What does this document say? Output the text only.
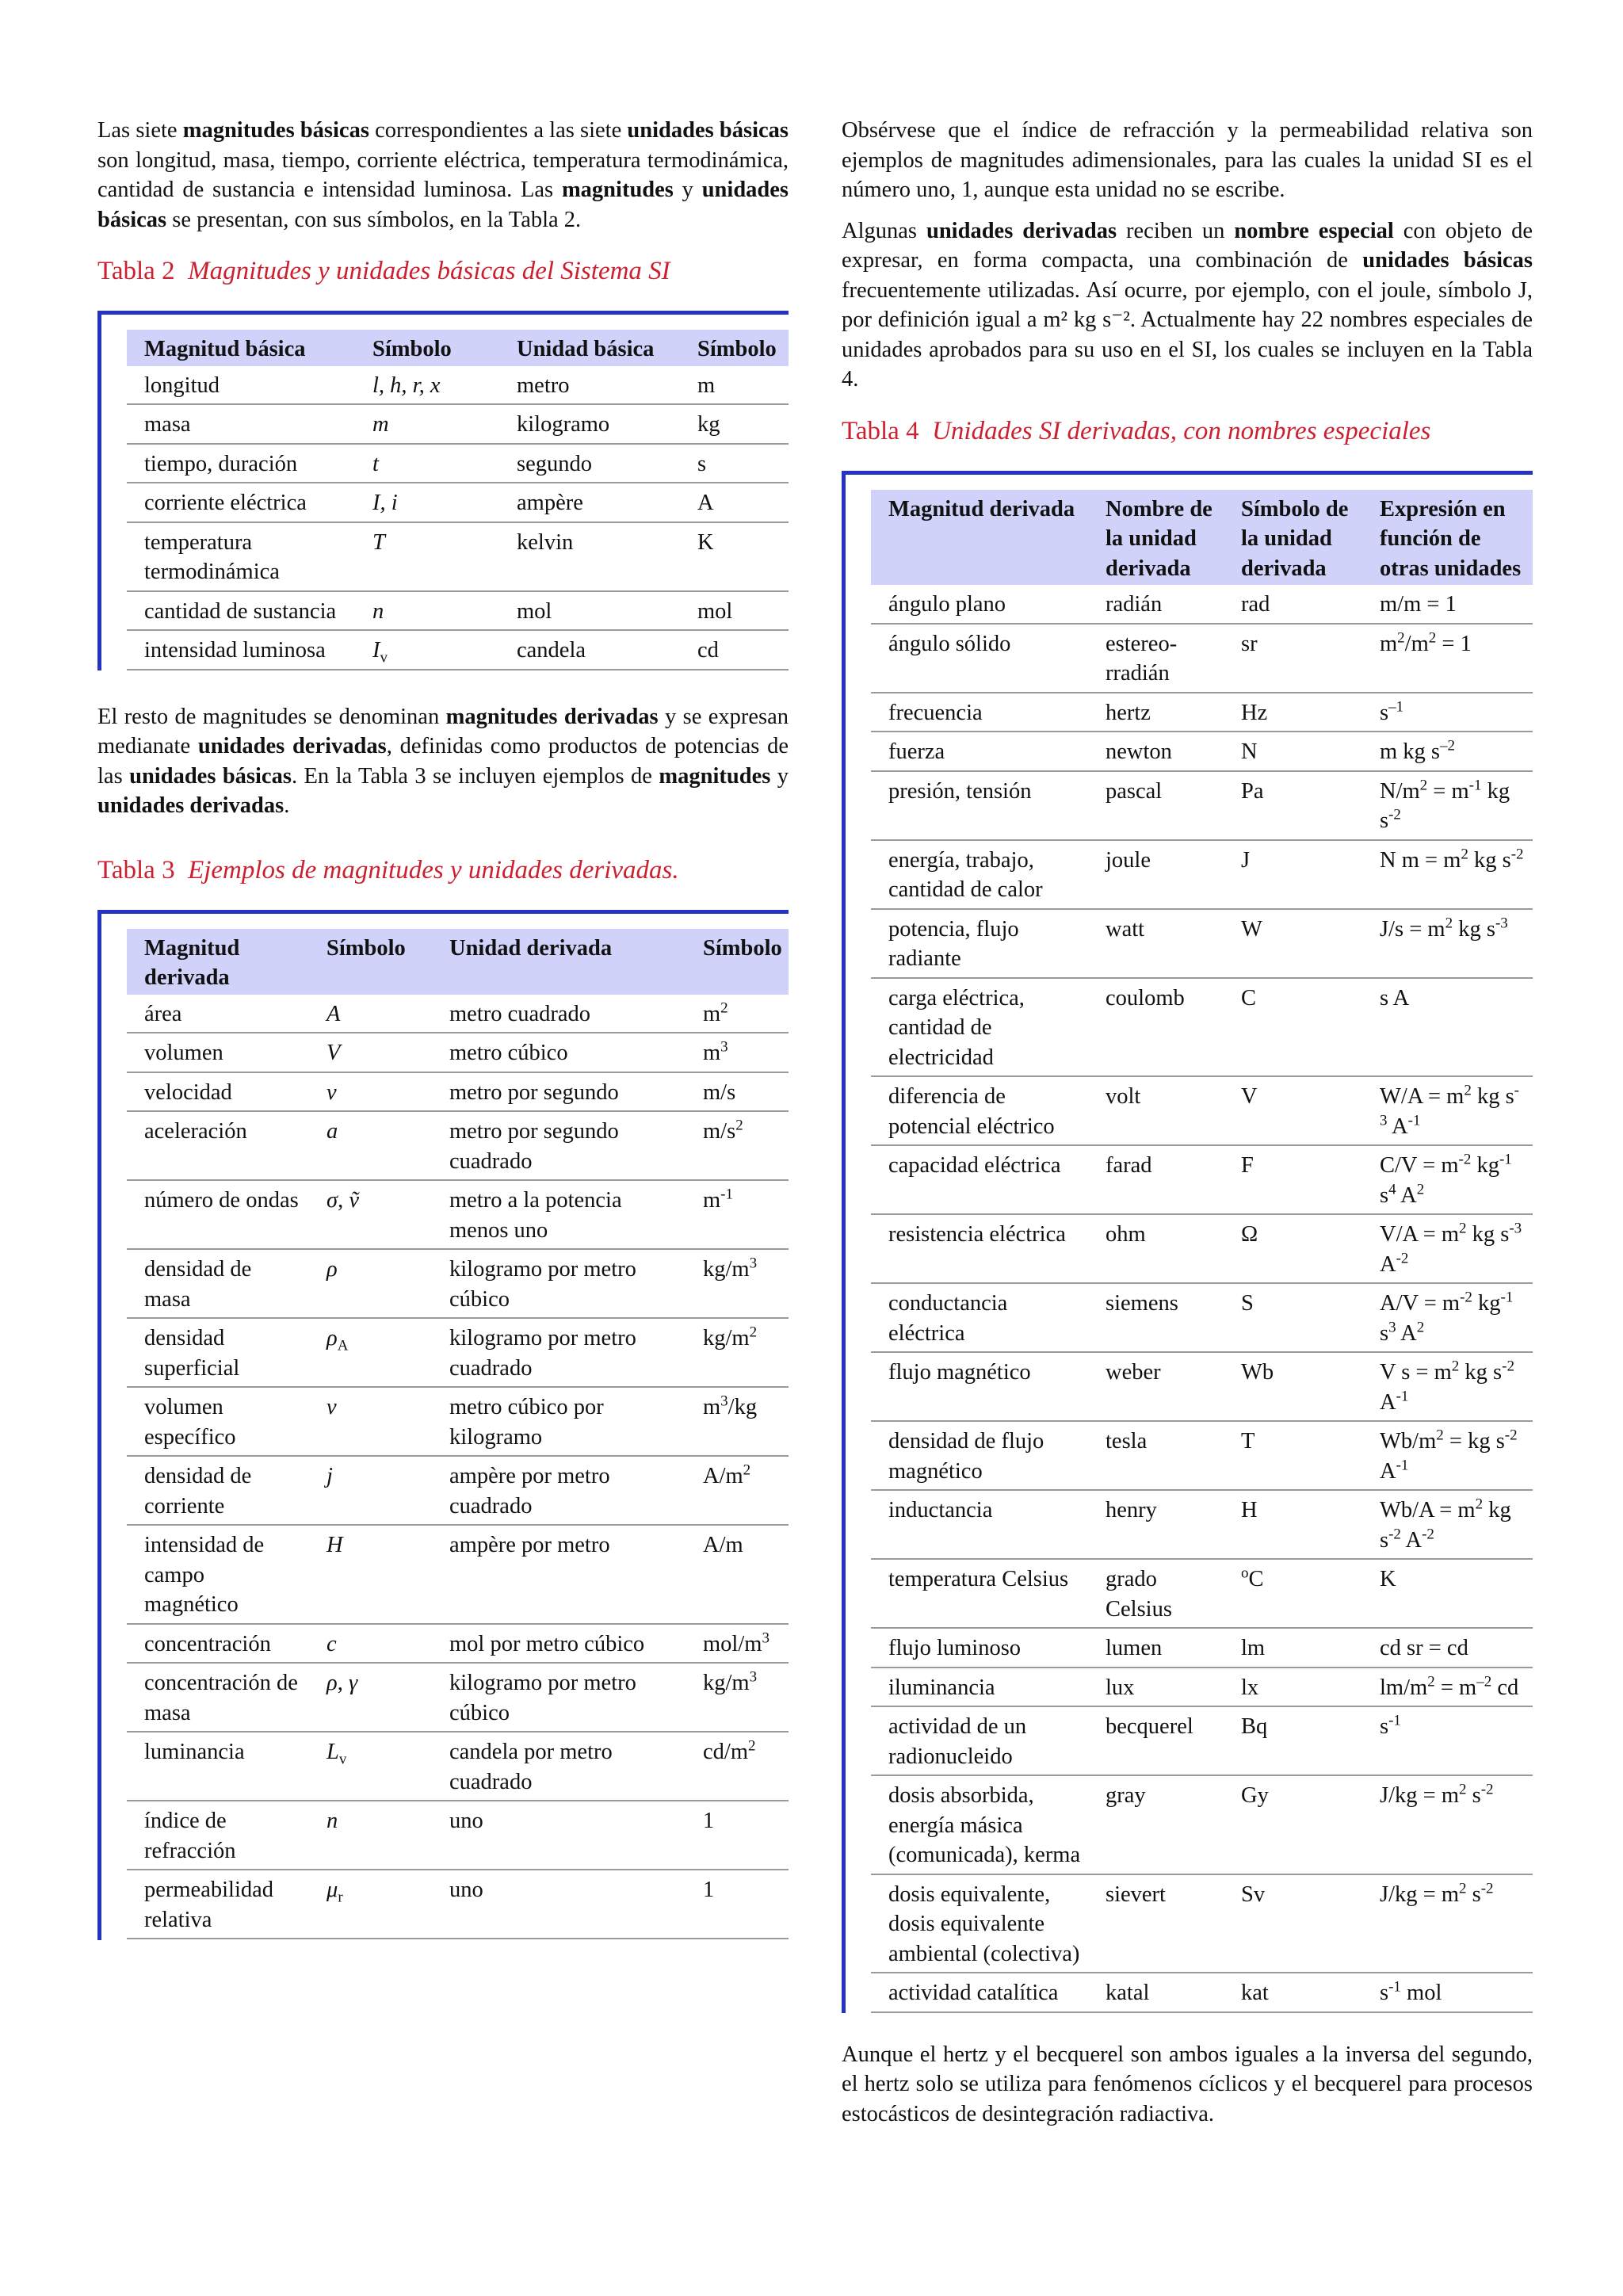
Las siete magnitudes básicas correspondientes a las siete unidades básicas son longitud, masa, tiempo, corriente eléctrica, temperatura termodinámica, cantidad de sustancia e intensidad luminosa. Las magnitudes y unidades básicas se presentan, con sus símbolos, en la Tabla 2.

Tabla 2 Magnitudes y unidades básicas del Sistema SI
Magnitud básica	Símbolo	Unidad básica	Símbolo
longitud	l, h, r, x	metro	m
masa	m	kilogramo	kg
tiempo, duración	t	segundo	s
corriente eléctrica	I, i	ampère	A
temperatura termodinámica	T	kelvin	K
cantidad de sustancia	n	mol	mol
intensidad luminosa	$I_v$	candela	cd

El resto de magnitudes se denominan magnitudes derivadas y se expresan medianate unidades derivadas, definidas como productos de potencias de las unidades básicas. En la Tabla 3 se incluyen ejemplos de magnitudes y unidades derivadas.

Tabla 3 Ejemplos de magnitudes y unidades derivadas.
Magnitud derivada	Símbolo	Unidad derivada	Símbolo
área	A	metro cuadrado	$m^2$
volumen	V	metro cúbico	$m^3$
velocidad	v	metro por segundo	m/s
aceleración	a	metro por segundo cuadrado	$m/s^2$
número de ondas	σ, ṽ	metro a la potencia menos uno	$m^{-1}$
densidad de masa	ρ	kilogramo por metro cúbico	$kg/m^3$
densidad superficial	$\rho_A$	kilogramo por metro cuadrado	$kg/m^2$
volumen específico	v	metro cúbico por kilogramo	$m^3/kg$
densidad de corriente	j	ampère por metro cuadrado	$A/m^2$
intensidad de campo magnético	H	ampère por metro	A/m
concentración	c	mol por metro cúbico	mol/$m^3$
concentración de masa	ρ, γ	kilogramo por metro cúbico	$kg/m^3$
luminancia	$L_v$	candela por metro cuadrado	$cd/m^2$
índice de refracción	n	uno	1
permeabilidad relativa	$\mu_r$	uno	1

Obsérvese que el índice de refracción y la permeabilidad relativa son ejemplos de magnitudes adimensionales, para las cuales la unidad SI es el número uno, 1, aunque esta unidad no se escribe.

Algunas unidades derivadas reciben un nombre especial con objeto de expresar, en forma compacta, una combinación de unidades básicas frecuentemente utilizadas. Así ocurre, por ejemplo, con el joule, símbolo J, por definición igual a m² kg s⁻². Actualmente hay 22 nombres especiales de unidades aprobados para su uso en el SI, los cuales se incluyen en la Tabla 4.

Tabla 4 Unidades SI derivadas, con nombres especiales
Magnitud derivada	Nombre de la unidad derivada	Símbolo de la unidad derivada	Expresión en función de otras unidades
ángulo plano	radián	rad	m/m = 1
ángulo sólido	estereo-rradián	sr	$m^2/m^2 = 1$
frecuencia	hertz	Hz	$s^{-1}$
fuerza	newton	N	m kg $s^{-2}$
presión, tensión	pascal	Pa	$N/m^2 = m^{-1}$ kg $s^{-2}$
energía, trabajo, cantidad de calor	joule	J	N $m = m^2$ kg $s^{-2}$
potencia, flujo radiante	watt	W	$J/s = m^2$ kg $s^{-3}$
carga eléctrica, cantidad de electricidad	coulomb	C	s A
diferencia de potencial eléctrico	volt	V	$W/A = m^2$ kg $s^{-3}$ $A^{-1}$
capacidad eléctrica	farad	F	$C/V = m^{-2}$ $kg^{-1}$ $s^4$ $A^2$
resistencia eléctrica	ohm	Ω	$V/A = m^2$ kg $s^{-3}$ $A^{-2}$
conductancia eléctrica	siemens	S	$A/V = m^{-2}$ $kg^{-1}$ $s^3$ $A^2$
flujo magnético	weber	Wb	V $s = m^2$ kg $s^{-2}$ $A^{-1}$
densidad de flujo magnético	tesla	T	$Wb/m^2$ = kg $s^{-2}$ $A^{-1}$
inductancia	henry	H	$Wb/A = m^2$ kg $s^{-2}$ $A^{-2}$
temperatura Celsius	grado Celsius	$^o$C	K
flujo luminoso	lumen	lm	cd sr = cd
iluminancia	lux	lx	$lm/m^2 = m^{-2}$ cd
actividad de un radionucleido	becquerel	Bq	$s^{-1}$
dosis absorbida, energía másica (comunicada), kerma	gray	Gy	$J/kg = m^2$ $s^{-2}$
dosis equivalente, dosis equivalente ambiental (colectiva)	sievert	Sv	$J/kg = m^2$ $s^{-2}$
actividad catalítica	katal	kat	$s^{-1}$ mol

Aunque el hertz y el becquerel son ambos iguales a la inversa del segundo, el hertz solo se utiliza para fenómenos cíclicos y el becquerel para procesos estocásticos de desintegración radiactiva.
